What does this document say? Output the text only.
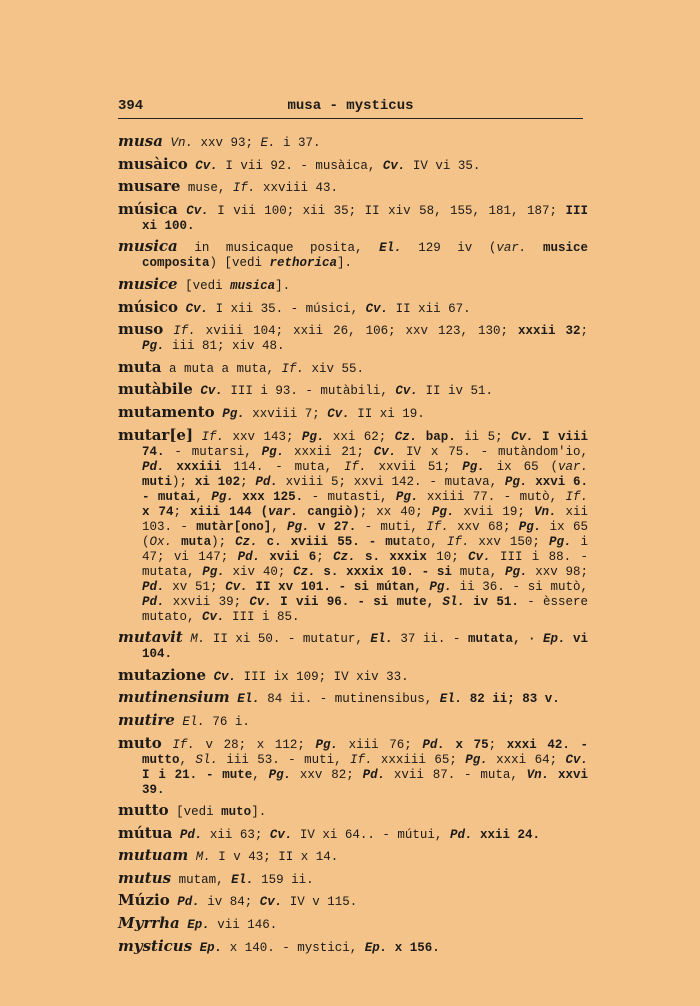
394	musa - mysticus
musa Vn. xxv 93; E. i 37.
musàico Cv. I vii 92. - musàica, Cv. IV vi 35.
musare muse, If. xxviii 43.
música Cv. I vii 100; xii 35; II xiv 58, 155, 181, 187; III xi 100.
musica in musicaque posita, El. 129 iv (var. musice composita) [vedi rethorica].
musice [vedi musica].
músico Cv. I xii 35. - músici, Cv. II xii 67.
muso If. xviii 104; xxii 26, 106; xxv 123, 130; xxxii 32; Pg. iii 81; xiv 48.
muta a muta a muta, If. xiv 55.
mutàbile Cv. III i 93. - mutàbili, Cv. II iv 51.
mutamento Pg. xxviii 7; Cv. II xi 19.
mutar[e] If. xxv 143; Pg. xxi 62; Cz. bap. ii 5; Cv. I viii 74. - mutarsi, Pg. xxxii 21; Cv. IV x 75. - mutàndom'io, Pd. xxxiii 114. - muta, If. xxvii 51; Pg. ix 65 (var. muti); xi 102; Pd. xviii 5; xxvi 142. - mutava, Pg. xxvi 6. - mutai, Pg. xxx 125. - mutasti, Pg. xxiii 77. - mutò, If. x 74; xiii 144 (var. cangiò); xx 40; Pg. xvii 19; Vn. xii 103. - mutàr[ono], Pg. v 27. - muti, If. xxv 68; Pg. ix 65 (Ox. muta); Cz. c. xviii 55. - mutato, If. xxv 150; Pg. i 47; vi 147; Pd. xvii 6; Cz. s. xxxix 10; Cv. III i 88. - mutata, Pg. xiv 40; Cz. s. xxxix 10. - si muta, Pg. xxv 98; Pd. xv 51; Cv. II xv 101. - si mútan, Pg. ii 36. - si mutò, Pd. xxvii 39; Cv. I vii 96. - si mute, Sl. iv 51. - èssere mutato, Cv. III i 85.
mutavit M. II xi 50. - mutatur, El. 37 ii. - mutata, · Ep. vi 104.
mutazione Cv. III ix 109; IV xiv 33.
mutinensium El. 84 ii. - mutinensibus, El. 82 ii; 83 v.
mutire El. 76 i.
muto If. v 28; x 112; Pg. xiii 76; Pd. x 75; xxxi 42. - mutto, Sl. iii 53. - muti, If. xxxiii 65; Pg. xxxi 64; Cv. I i 21. - mute, Pg. xxv 82; Pd. xvii 87. - muta, Vn. xxvi 39.
mutto [vedi muto].
mútua Pd. xii 63; Cv. IV xi 64.. - mútui, Pd. xxii 24.
mutuam M. I v 43; II x 14.
mutus mutam, El. 159 ii.
Múzio Pd. iv 84; Cv. IV v 115.
Myrrha Ep. vii 146.
mysticus Ep. x 140. - mystici, Ep. x 156.
